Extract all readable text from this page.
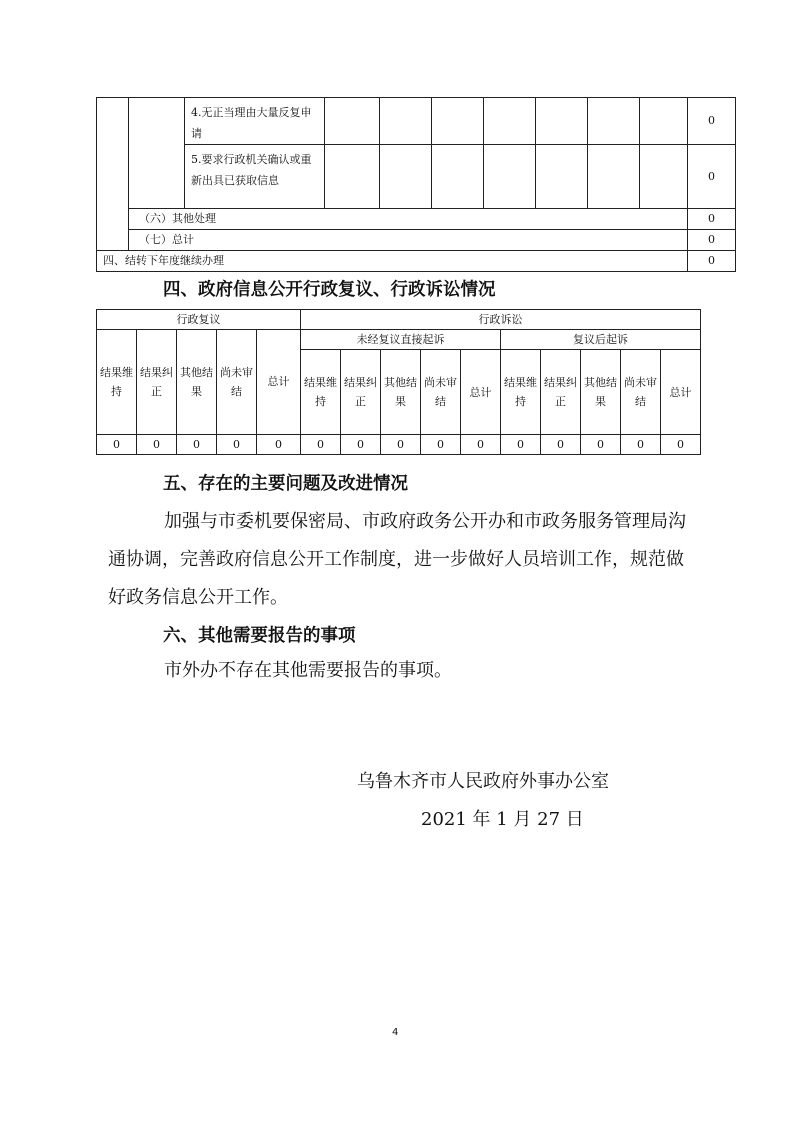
		4.无正当理由大量反复申请								0
		5.要求行政机关确认或重新出具已获取信息								0
	（六）其他处理									0
	（七）总计									0
四、结转下年度继续办理										0
四、政府信息公开行政复议、行政诉讼情况
行政复议					行政诉讼									
结果维持	结果纠正	其他结果	尚未审结	总计	未经复议直接起诉					复议后起诉				
					结果维持	结果纠正	其他结果	尚未审结	总计	结果维持	结果纠正	其他结果	尚未审结	总计
0	0	0	0	0	0	0	0	0	0	0	0	0	0	0
五、存在的主要问题及改进情况

加强与市委机要保密局、市政府政务公开办和市政务服务管理局沟通协调，完善政府信息公开工作制度，进一步做好人员培训工作，规范做好政务信息公开工作。

六、其他需要报告的事项

市外办不存在其他需要报告的事项。

乌鲁木齐市人民政府外事办公室
2021 年 1 月 27 日
4
